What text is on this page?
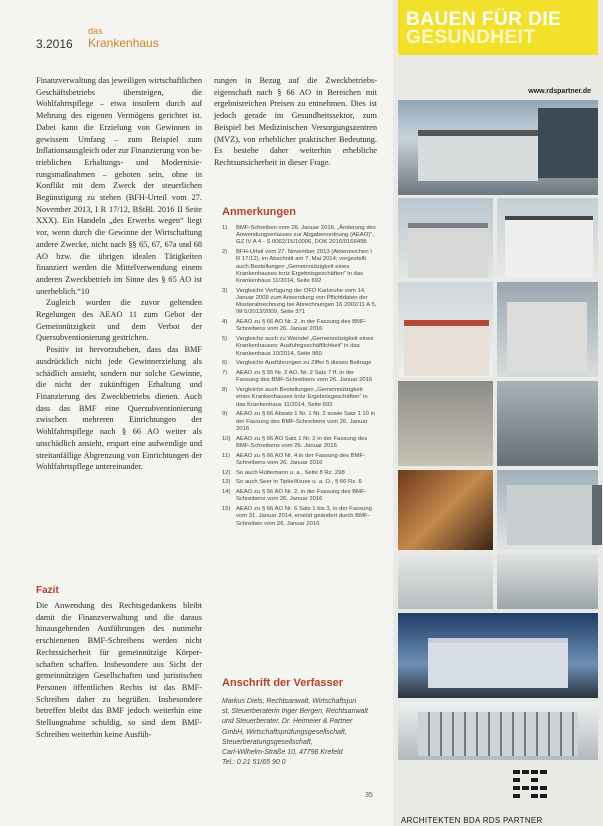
3.2016
das
Krankenhaus

Finanzverwaltung das jeweiligen wirtschaftlichen Geschäftsbetriebs übersteigen, die Wohlfahrtspflege – etwa insofern durch auf Mehrung des eigenen Vermögens gerichtet ist. Dabei kann die Erzielung von Gewinnen in gewissem Umfang – zum Beispiel zum Inflationsausgleich oder zur Finanzierung von betrieblichen Erhaltungs- und Modernisierungsmaßnahmen – geboten sein, ohne in Konflikt mit dem Zweck der steuerlichen Begünstigung zu stehen (BFH-Urteil vom 27. November 2013, I R 17/12, BStBl. 2016 II Seite XXX). Ein Handeln „des Erwerbs wegen“ liegt vor, wenn durch die Gewinne der Wirtschaftung andere Zwecke, nicht nach §§ 65, 67, 67a und 68 AO bzw. die übrigen idealen Tätigkeiten finanziert werden die Mittelverwendung einem anderen Zweckbetrieb im Sinne des § 65 AO ist unerheblich.“10

Zugleich wurden die zuvor geltenden Regelungen des AEAO 11 zum Gebot der Gemeinnützigkeit und dem Verbot der Quersubventionierung gestrichen.

Positiv ist hervorzuheben, dass das BMF ausdrücklich nicht jede Gewinnerzielung als schädlich ansieht, sondern nur solche Gewinne, die nicht der zukünftigen Erhaltung und Finanzierung des Zweckbetriebs dienen. Auch dass das BMF eine Quersubventionierung zwischen mehreren Einrichtungen der Wohlfahrtspflege nach § 66 AO weiter als unschädlich ansieht, erspart eine aufwendige und streitanfällige Abgrenzung von Einrichtungen der Wohlfahrtspflege untereinander.

Fazit

Die Anwendung des Rechtsgedankens bleibt damit die Finanzverwaltung und die daraus hinausgehenden Ausführungen des nunmehr erschienenen BMF-Schreibens werden nicht Rechtssicherheit für gemeinnützige Körperschaften schaffen. Insbesondere aus Sicht der gemeinnützigen Gesellschaften und juristischen Personen öffentlichen Rechts ist das BMF-Schreiben daher zu begrüßen. Insbesondere betreffen bleibt das BMF jedoch weiterhin eine Stellungnahme schuldig, so sind dem BMF-Schreiben weiterhin keine Ausfüh-

rungen in Bezug auf die Zweckbetriebseigenschaft nach § 66 AO in Bereichen mit ergebnisreichen Preisen zu entnehmen. Dies ist jedoch gerade im Gesundheitssektor, zum Beispiel bei Medizinischen Versorgungszentren (MVZ), von erheblicher praktischer Bedeutung. Es bestehe daher weiterhin erhebliche Rechtsunsicherheit in dieser Frage.

Anmerkungen
1) BMF-Schreiben vom 26. Januar 2016, „Änderung des Anwendungserlasses zur Abgabenordnung (AEAO)“, GZ IV A 4 - S 0062/15/10006, DOK 2016/0166498
2) BFH-Urteil vom 27. November 2013 (Aktenzeichen I R 17/12), im Abschnitt am 7. Mai 2014; vorgestellt auch Bestellungen „Gemeinnützigkeit eines Krankenhauses trotz Ergebnisgeschäften“ in das Krankenhaus 11/2014, Seite 692
3) Vergleiche Verfügung der OFD Karlsruhe vom 14. Januar 2009 zum Anwendung von Pflichtdaten der Musterabrechnung bei Abrechnungen 16 2002/11 A 5, IM 5/2013/2009, Seite 371
4) AEAO zu § 66 AO Nr. 2, in der Fassung des BMF-Schreibens vom 26. Januar 2016
5) Vergleiche auch zu Weindel „Gemeinnützigkeit eines Krankenhauses: Ausfuhrgeschäftlichkeit“ in das Krankenhaus 10/2014, Seite 960
6) Vergleiche Ausführungen zu Ziffer 5 dieses Beitrags
7) AEAO zu § 55 Nr. 2 AO, Nr. 2 Satz 7 ff. in der Fassung des BMF-Schreibens vom 26. Januar 2016
8) Vergleiche auch Bestellungen „Gemeinnützigkeit eines Krankenhauses trotz Ergebnisgeschäften“ in das Krankenhaus 11/2014, Seite 692
9) AEAO zu § 66 Absatz 1 Nr. 1 Nr. 2 sowie Satz 1 10 in der Fassung des BMF-Schreibens vom 26. Januar 2016
10) AEAO zu § 66 AO Satz 1 Nr. 2 in der Fassung des BMF-Schreibens vom 26. Januar 2016
11) AEAO zu § 66 AO Nr. 4 in der Fassung des BMF-Schreibens vom 26. Januar 2016
12) So auch Hüttemann u. a., Seite 8 Rz. 298
13) So auch Seer in Tipke/Kruse u. a. O., § 66 Rz. 6
14) AEAO zu § 56 AO Nr. 2, in der Fassung des BMF-Schreibens vom 26. Januar 2016
15) AEAO zu § 66 AO Nr. 6 Satz 1 bis 3, in der Fassung vom 31. Januar 2014, ersetzt geändert durch BMF-Schreiben vom 26. Januar 2016
Anschrift der Verfasser
Markus Diels, Rechtsanwalt, Wirtschaftsjuri
st, Steuerberaterin Inger Bergen, Rechtsanwalt
und Steuerberater, Dr. Heimeier & Partner
GmbH, Wirtschaftsprüfungsgesellschaft,
Steuerberatungsgesellschaft,
Carl-Wilhelm-Straße 10, 47798 Krefeld
Tel.: 0 21 51/65 90 0
35
BAUEN FÜR DIE
GESUNDHEIT
www.rdspartner.de
ARCHITEKTEN BDA RDS PARTNER
